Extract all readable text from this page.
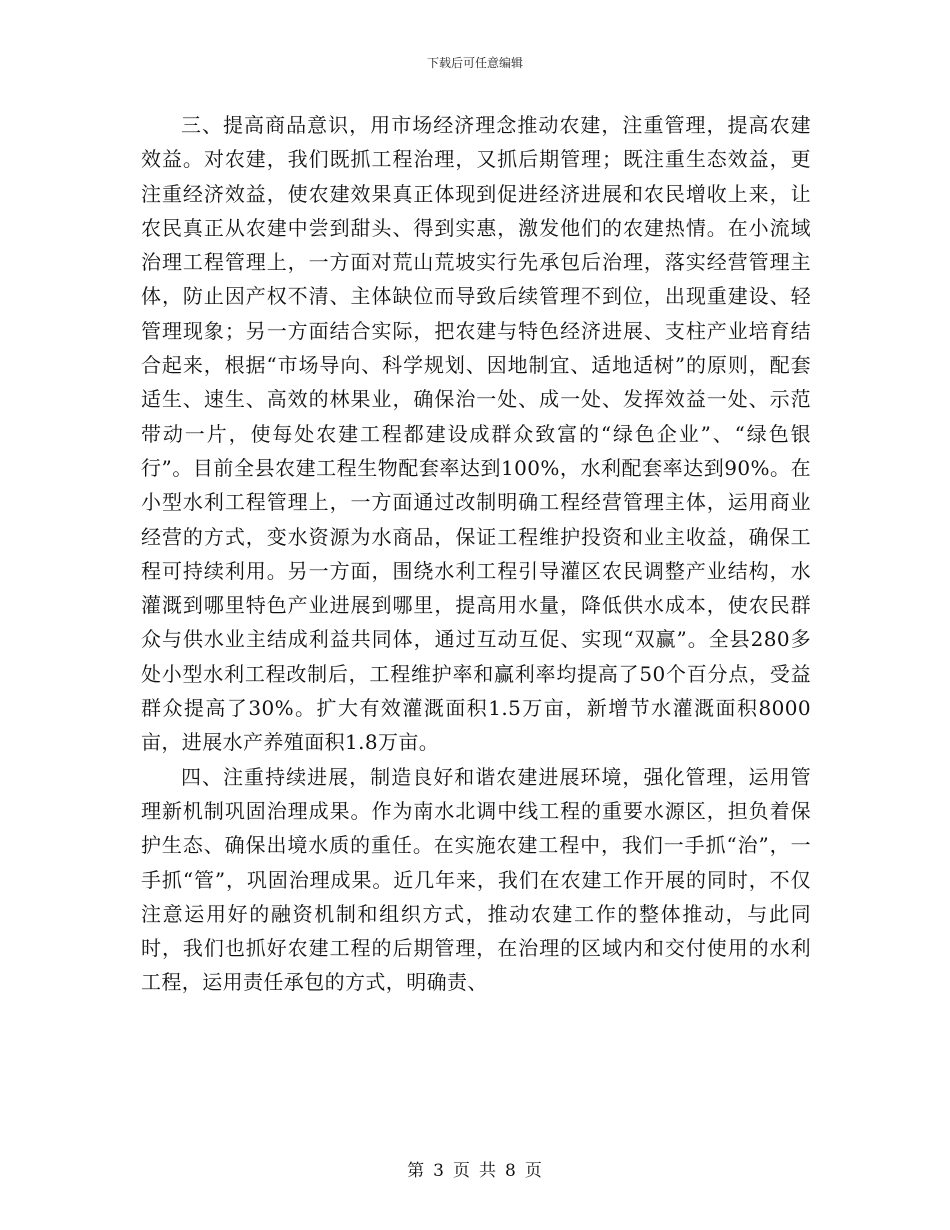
下载后可任意编辑

三、提高商品意识，用市场经济理念推动农建，注重管理，提高农建效益。对农建，我们既抓工程治理，又抓后期管理；既注重生态效益，更注重经济效益，使农建效果真正体现到促进经济进展和农民增收上来，让农民真正从农建中尝到甜头、得到实惠，激发他们的农建热情。在小流域治理工程管理上，一方面对荒山荒坡实行先承包后治理，落实经营管理主体，防止因产权不清、主体缺位而导致后续管理不到位，出现重建设、轻管理现象；另一方面结合实际，把农建与特色经济进展、支柱产业培育结合起来，根据“市场导向、科学规划、因地制宜、适地适树”的原则，配套适生、速生、高效的林果业，确保治一处、成一处、发挥效益一处、示范带动一片，使每处农建工程都建设成群众致富的“绿色企业”、“绿色银行”。目前全县农建工程生物配套率达到100%，水利配套率达到90%。在小型水利工程管理上，一方面通过改制明确工程经营管理主体，运用商业经营的方式，变水资源为水商品，保证工程维护投资和业主收益，确保工程可持续利用。另一方面，围绕水利工程引导灌区农民调整产业结构，水灌溉到哪里特色产业进展到哪里，提高用水量，降低供水成本，使农民群众与供水业主结成利益共同体，通过互动互促、实现“双赢”。全县280多处小型水利工程改制后，工程维护率和赢利率均提高了50个百分点，受益群众提高了30%。扩大有效灌溉面积1.5万亩，新增节水灌溉面积8000亩，进展水产养殖面积1.8万亩。

四、注重持续进展，制造良好和谐农建进展环境，强化管理，运用管理新机制巩固治理成果。作为南水北调中线工程的重要水源区，担负着保护生态、确保出境水质的重任。在实施农建工程中，我们一手抓“治”，一手抓“管”，巩固治理成果。近几年来，我们在农建工作开展的同时，不仅注意运用好的融资机制和组织方式，推动农建工作的整体推动，与此同时，我们也抓好农建工程的后期管理，在治理的区域内和交付使用的水利工程，运用责任承包的方式，明确责、

第 3 页 共 8 页
